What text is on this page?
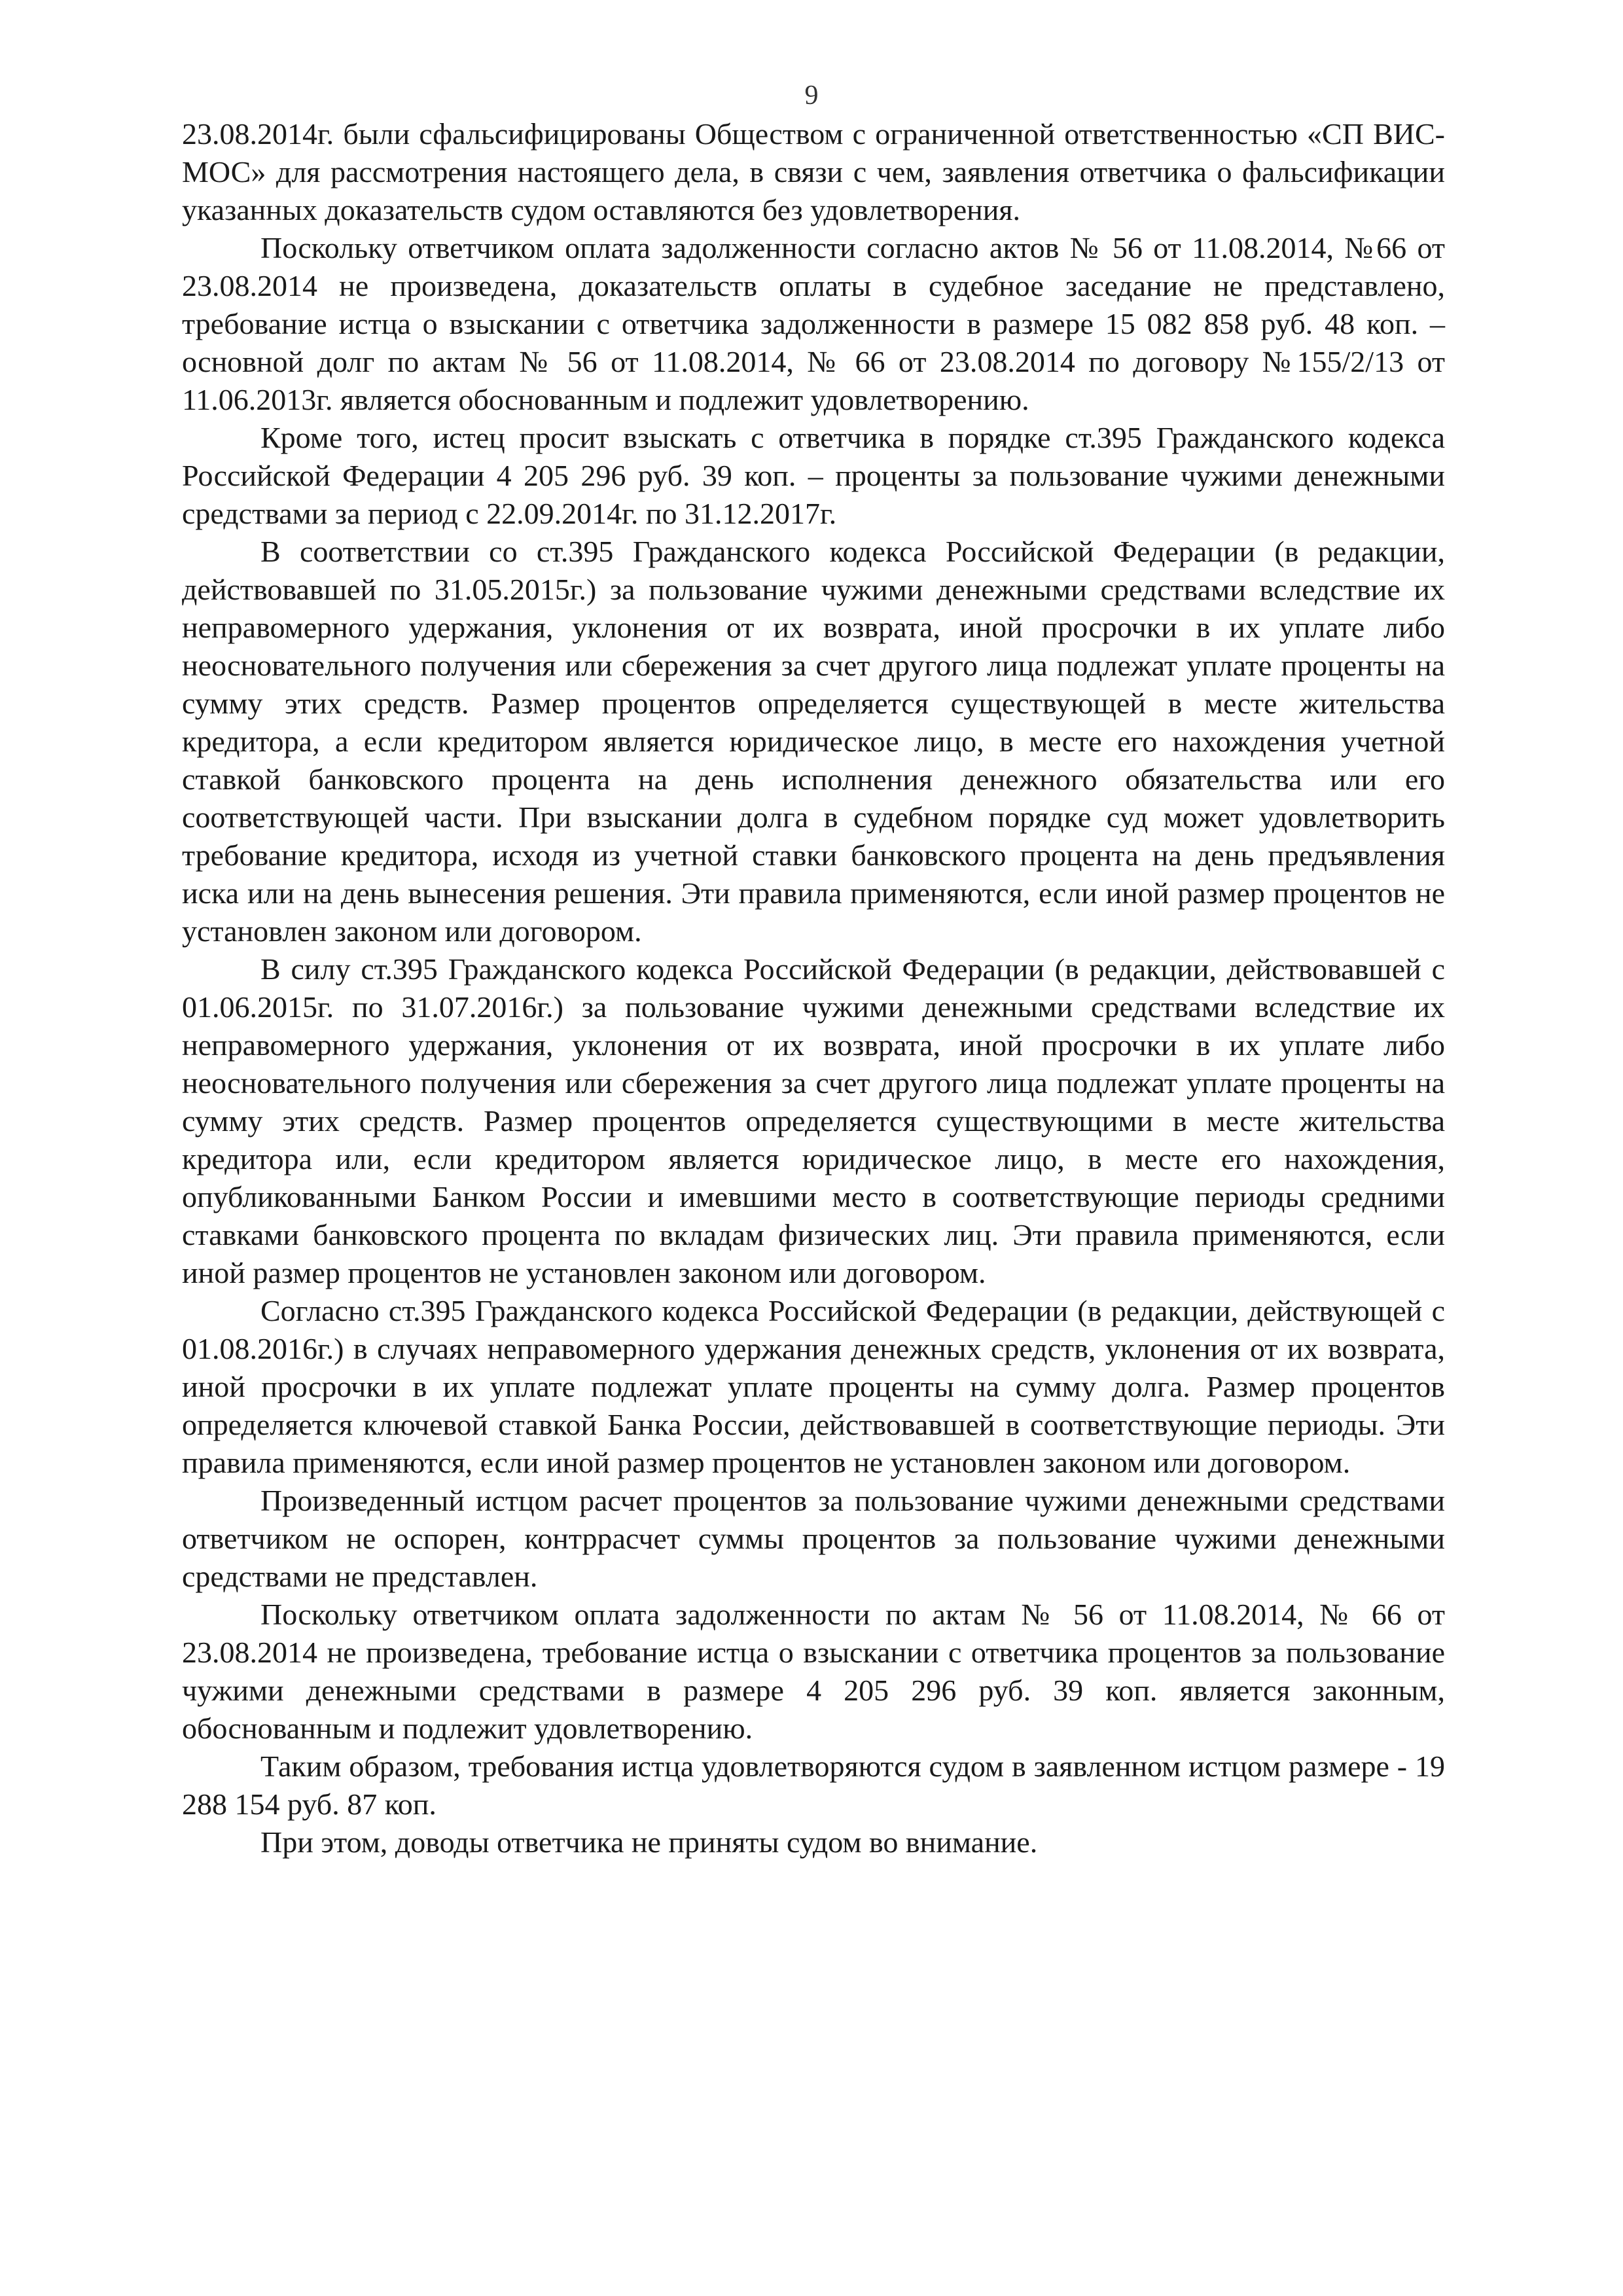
9

23.08.2014г. были сфальсифицированы Обществом с ограниченной ответственностью «СП ВИС-МОС» для рассмотрения настоящего дела, в связи с чем, заявления ответчика о фальсификации указанных доказательств судом оставляются без удовлетворения.

Поскольку ответчиком оплата задолженности согласно актов № 56 от 11.08.2014, №66 от 23.08.2014 не произведена, доказательств оплаты в судебное заседание не представлено, требование истца о взыскании с ответчика задолженности в размере 15 082 858 руб. 48 коп. – основной долг по актам № 56 от 11.08.2014, № 66 от 23.08.2014 по договору №155/2/13 от 11.06.2013г. является обоснованным и подлежит удовлетворению.

Кроме того, истец просит взыскать с ответчика в порядке ст.395 Гражданского кодекса Российской Федерации 4 205 296 руб. 39 коп. – проценты за пользование чужими денежными средствами за период с 22.09.2014г. по 31.12.2017г.

В соответствии со ст.395 Гражданского кодекса Российской Федерации (в редакции, действовавшей по 31.05.2015г.) за пользование чужими денежными средствами вследствие их неправомерного удержания, уклонения от их возврата, иной просрочки в их уплате либо неосновательного получения или сбережения за счет другого лица подлежат уплате проценты на сумму этих средств. Размер процентов определяется существующей в месте жительства кредитора, а если кредитором является юридическое лицо, в месте его нахождения учетной ставкой банковского процента на день исполнения денежного обязательства или его соответствующей части. При взыскании долга в судебном порядке суд может удовлетворить требование кредитора, исходя из учетной ставки банковского процента на день предъявления иска или на день вынесения решения. Эти правила применяются, если иной размер процентов не установлен законом или договором.

В силу ст.395 Гражданского кодекса Российской Федерации (в редакции, действовавшей с 01.06.2015г. по 31.07.2016г.) за пользование чужими денежными средствами вследствие их неправомерного удержания, уклонения от их возврата, иной просрочки в их уплате либо неосновательного получения или сбережения за счет другого лица подлежат уплате проценты на сумму этих средств. Размер процентов определяется существующими в месте жительства кредитора или, если кредитором является юридическое лицо, в месте его нахождения, опубликованными Банком России и имевшими место в соответствующие периоды средними ставками банковского процента по вкладам физических лиц. Эти правила применяются, если иной размер процентов не установлен законом или договором.

Согласно ст.395 Гражданского кодекса Российской Федерации (в редакции, действующей с 01.08.2016г.) в случаях неправомерного удержания денежных средств, уклонения от их возврата, иной просрочки в их уплате подлежат уплате проценты на сумму долга. Размер процентов определяется ключевой ставкой Банка России, действовавшей в соответствующие периоды. Эти правила применяются, если иной размер процентов не установлен законом или договором.

Произведенный истцом расчет процентов за пользование чужими денежными средствами ответчиком не оспорен, контррасчет суммы процентов за пользование чужими денежными средствами не представлен.

Поскольку ответчиком оплата задолженности по актам № 56 от 11.08.2014, № 66 от 23.08.2014 не произведена, требование истца о взыскании с ответчика процентов за пользование чужими денежными средствами в размере 4 205 296 руб. 39 коп. является законным, обоснованным и подлежит удовлетворению.

Таким образом, требования истца удовлетворяются судом в заявленном истцом размере - 19 288 154 руб. 87 коп.

При этом, доводы ответчика не приняты судом во внимание.
